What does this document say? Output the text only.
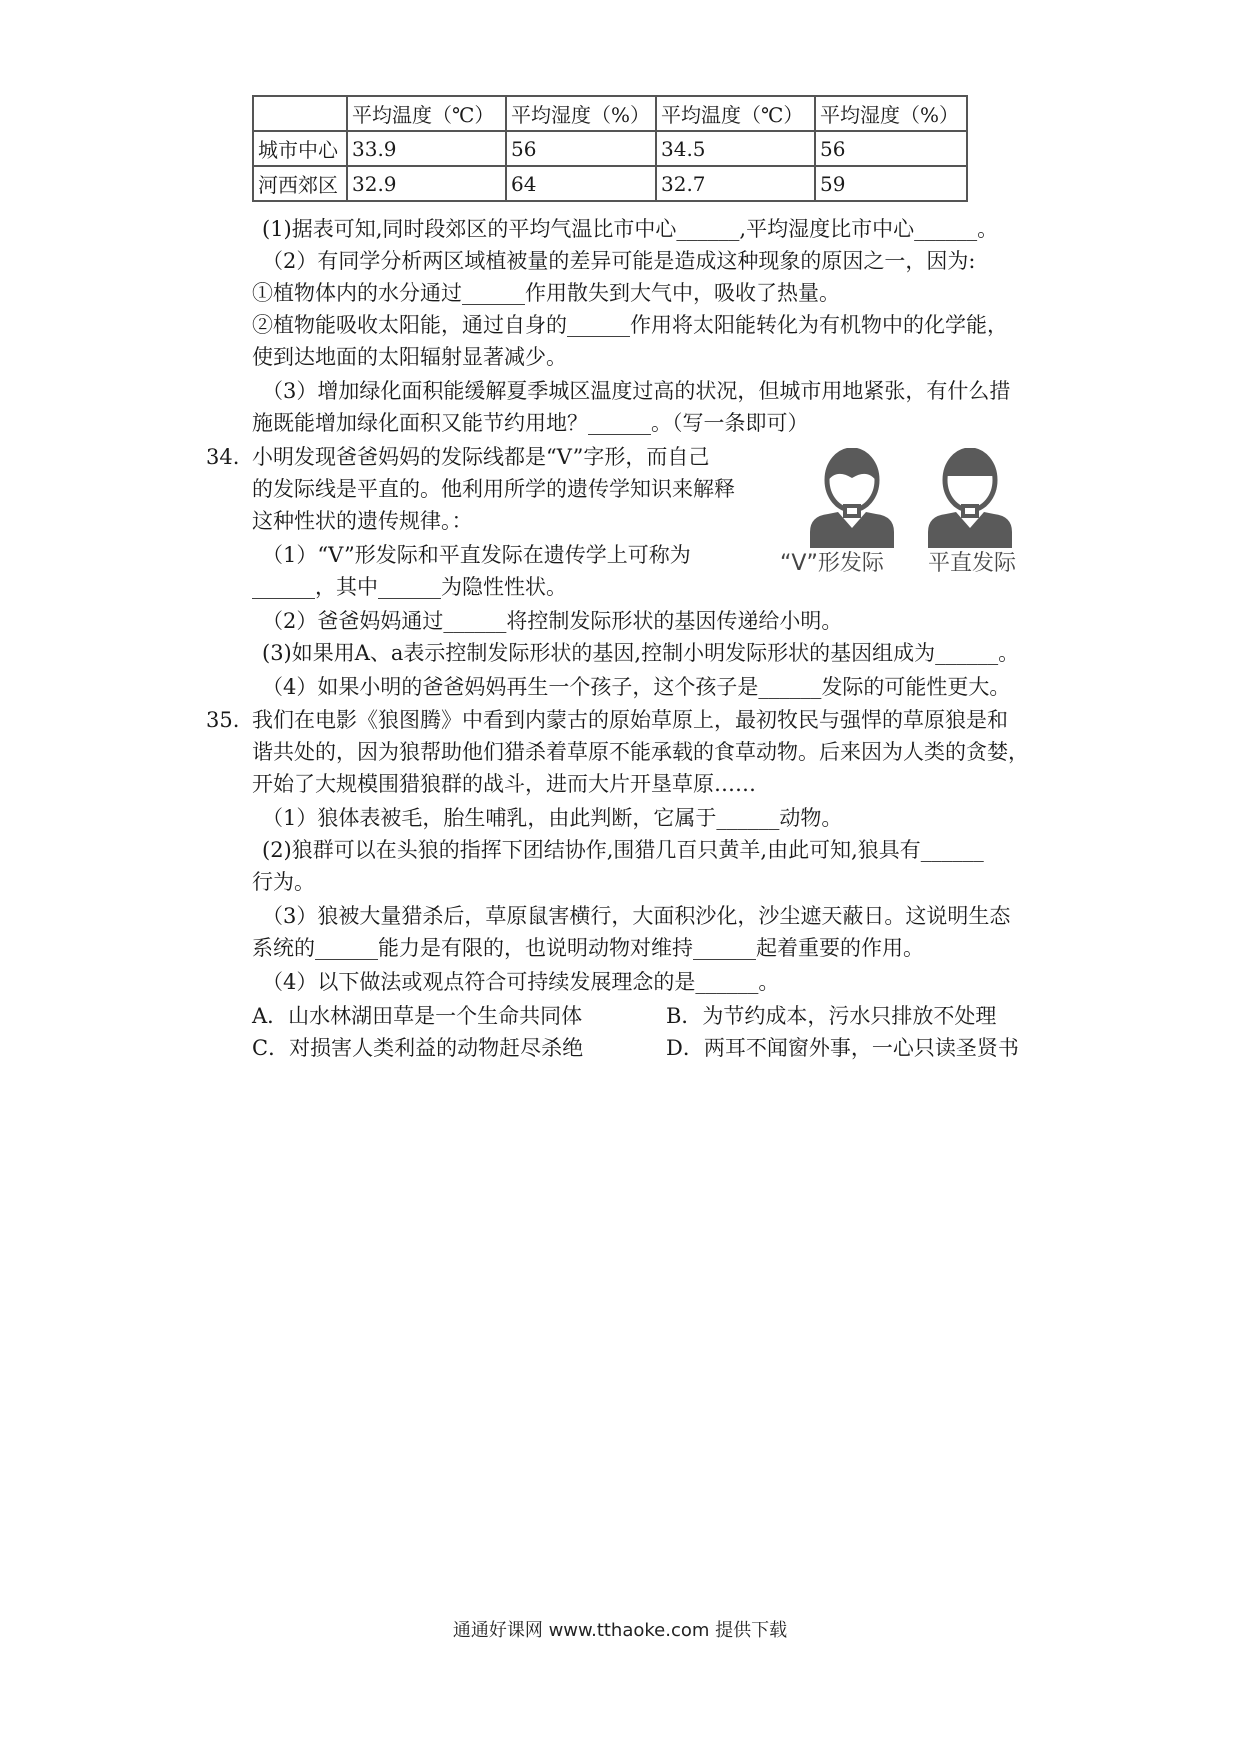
	平均温度（℃）	平均湿度（%）	平均温度（℃）	平均湿度（%）
城市中心	33.9	56	34.5	56
河西郊区	32.9	64	32.7	59
(1)据表可知,同时段郊区的平均气温比市中心______,平均湿度比市中心______。
（2）有同学分析两区域植被量的差异可能是造成这种现象的原因之一，因为:
①植物体内的水分通过______作用散失到大气中，吸收了热量。
②植物能吸收太阳能，通过自身的______作用将太阳能转化为有机物中的化学能，
使到达地面的太阳辐射显著减少。
（3）增加绿化面积能缓解夏季城区温度过高的状况，但城市用地紧张，有什么措
施既能增加绿化面积又能节约用地？______。（写一条即可）
34. 小明发现爸爸妈妈的发际线都是“V”字形，而自己
的发际线是平直的。他利用所学的遗传学知识来解释
这种性状的遗传规律。：
（1）“V”形发际和平直发际在遗传学上可称为
______，其中______为隐性性状。
（2）爸爸妈妈通过______将控制发际形状的基因传递给小明。
(3)如果用A、a表示控制发际形状的基因,控制小明发际形状的基因组成为______。
（4）如果小明的爸爸妈妈再生一个孩子，这个孩子是______发际的可能性更大。
“V”形发际 平直发际
35. 我们在电影《狼图腾》中看到内蒙古的原始草原上，最初牧民与强悍的草原狼是和
谐共处的，因为狼帮助他们猎杀着草原不能承载的食草动物。后来因为人类的贪婪，
开始了大规模围猎狼群的战斗，进而大片开垦草原……
（1）狼体表被毛，胎生哺乳，由此判断，它属于______动物。
(2)狼群可以在头狼的指挥下团结协作,围猎几百只黄羊,由此可知,狼具有______
行为。
（3）狼被大量猎杀后，草原鼠害横行，大面积沙化，沙尘遮天蔽日。这说明生态
系统的______能力是有限的，也说明动物对维持______起着重要的作用。
（4）以下做法或观点符合可持续发展理念的是______。
A．山水林湖田草是一个生命共同体	B．为节约成本，污水只排放不处理
C．对损害人类利益的动物赶尽杀绝	D．两耳不闻窗外事，一心只读圣贤书
通通好课网 www.tthaoke.com 提供下载
